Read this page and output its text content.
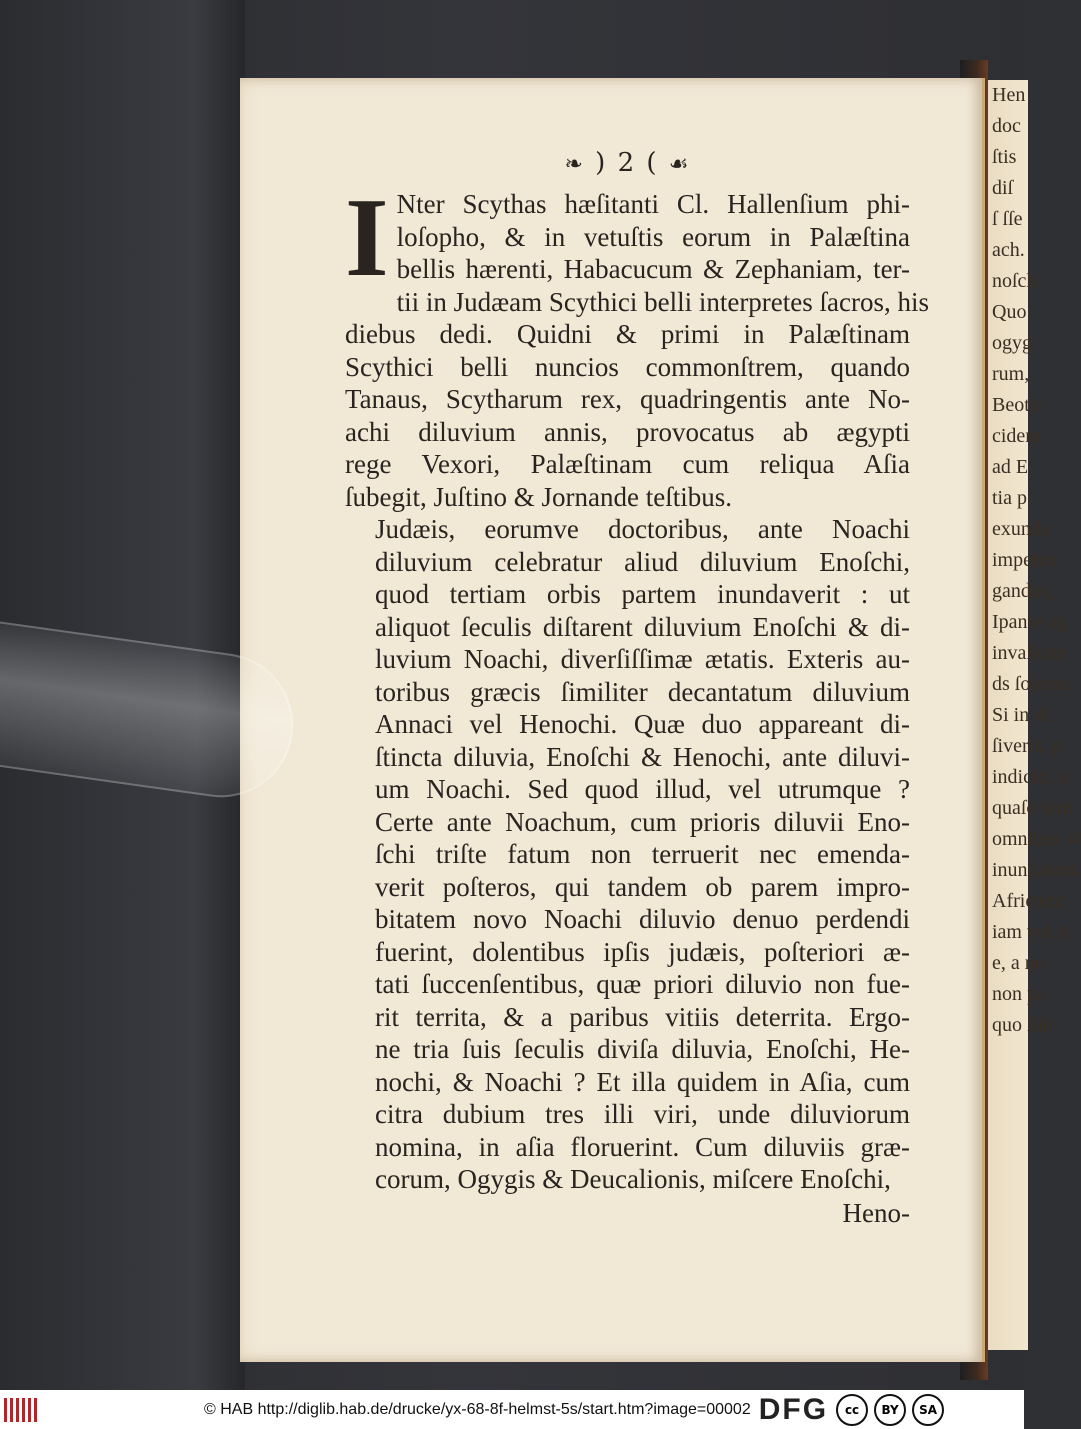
Hen
doc
ſtis
diſ
ſ ſſe
ach.
noſch
Quo
ogyg
rum,
Beotic
cidem
ad E
tia p
exunda
impetun
gandas,
Ipante ag
invaſione
ds ſolenni
Si in di
ſiveris, p
indicio, tr
quaſo terti
omnibus vi
inundatam
Africam!
iam vel A
e, a no
non pa
quo ſub
❧ ) 2 ( ☙
I Nter Scythas hæſitanti Cl. Hallenſium phi-
loſopho, & in vetuſtis eorum in Palæſtina
bellis hærenti, Habacucum & Zephaniam, ter-
tii in Judæam Scythici belli interpretes ſacros, his
diebus dedi. Quidni & primi in Palæſtinam
Scythici belli nuncios commonſtrem, quando
Tanaus, Scytharum rex, quadringentis ante No-
achi diluvium annis, provocatus ab ægypti
rege Vexori, Palæſtinam cum reliqua Aſia
ſubegit, Juſtino & Jornande teſtibus.
Judæis, eorumve doctoribus, ante Noachi
diluvium celebratur aliud diluvium Enoſchi,
quod tertiam orbis partem inundaverit : ut
aliquot ſeculis diſtarent diluvium Enoſchi & di-
luvium Noachi, diverſiſſimæ ætatis. Exteris au-
toribus græcis ſimiliter decantatum diluvium
Annaci vel Henochi. Quæ duo appareant di-
ſtincta diluvia, Enoſchi & Henochi, ante diluvi-
um Noachi. Sed quod illud, vel utrumque ?
Certe ante Noachum, cum prioris diluvii Eno-
ſchi triſte fatum non terruerit nec emenda-
verit poſteros, qui tandem ob parem impro-
bitatem novo Noachi diluvio denuo perdendi
fuerint, dolentibus ipſis judæis, poſteriori æ-
tati ſuccenſentibus, quæ priori diluvio non fue-
rit territa, & a paribus vitiis deterrita. Ergo-
ne tria ſuis ſeculis diviſa diluvia, Enoſchi, He-
nochi, & Noachi ? Et illa quidem in Aſia, cum
citra dubium tres illi viri, unde diluviorum
nomina, in aſia floruerint. Cum diluviis græ-
corum, Ogygis & Deucalionis, miſcere Enoſchi,
Heno-
© HAB http://diglib.hab.de/drucke/yx-68-8f-helmst-5s/start.htm?image=00002 DFG	cc	BY	SA
